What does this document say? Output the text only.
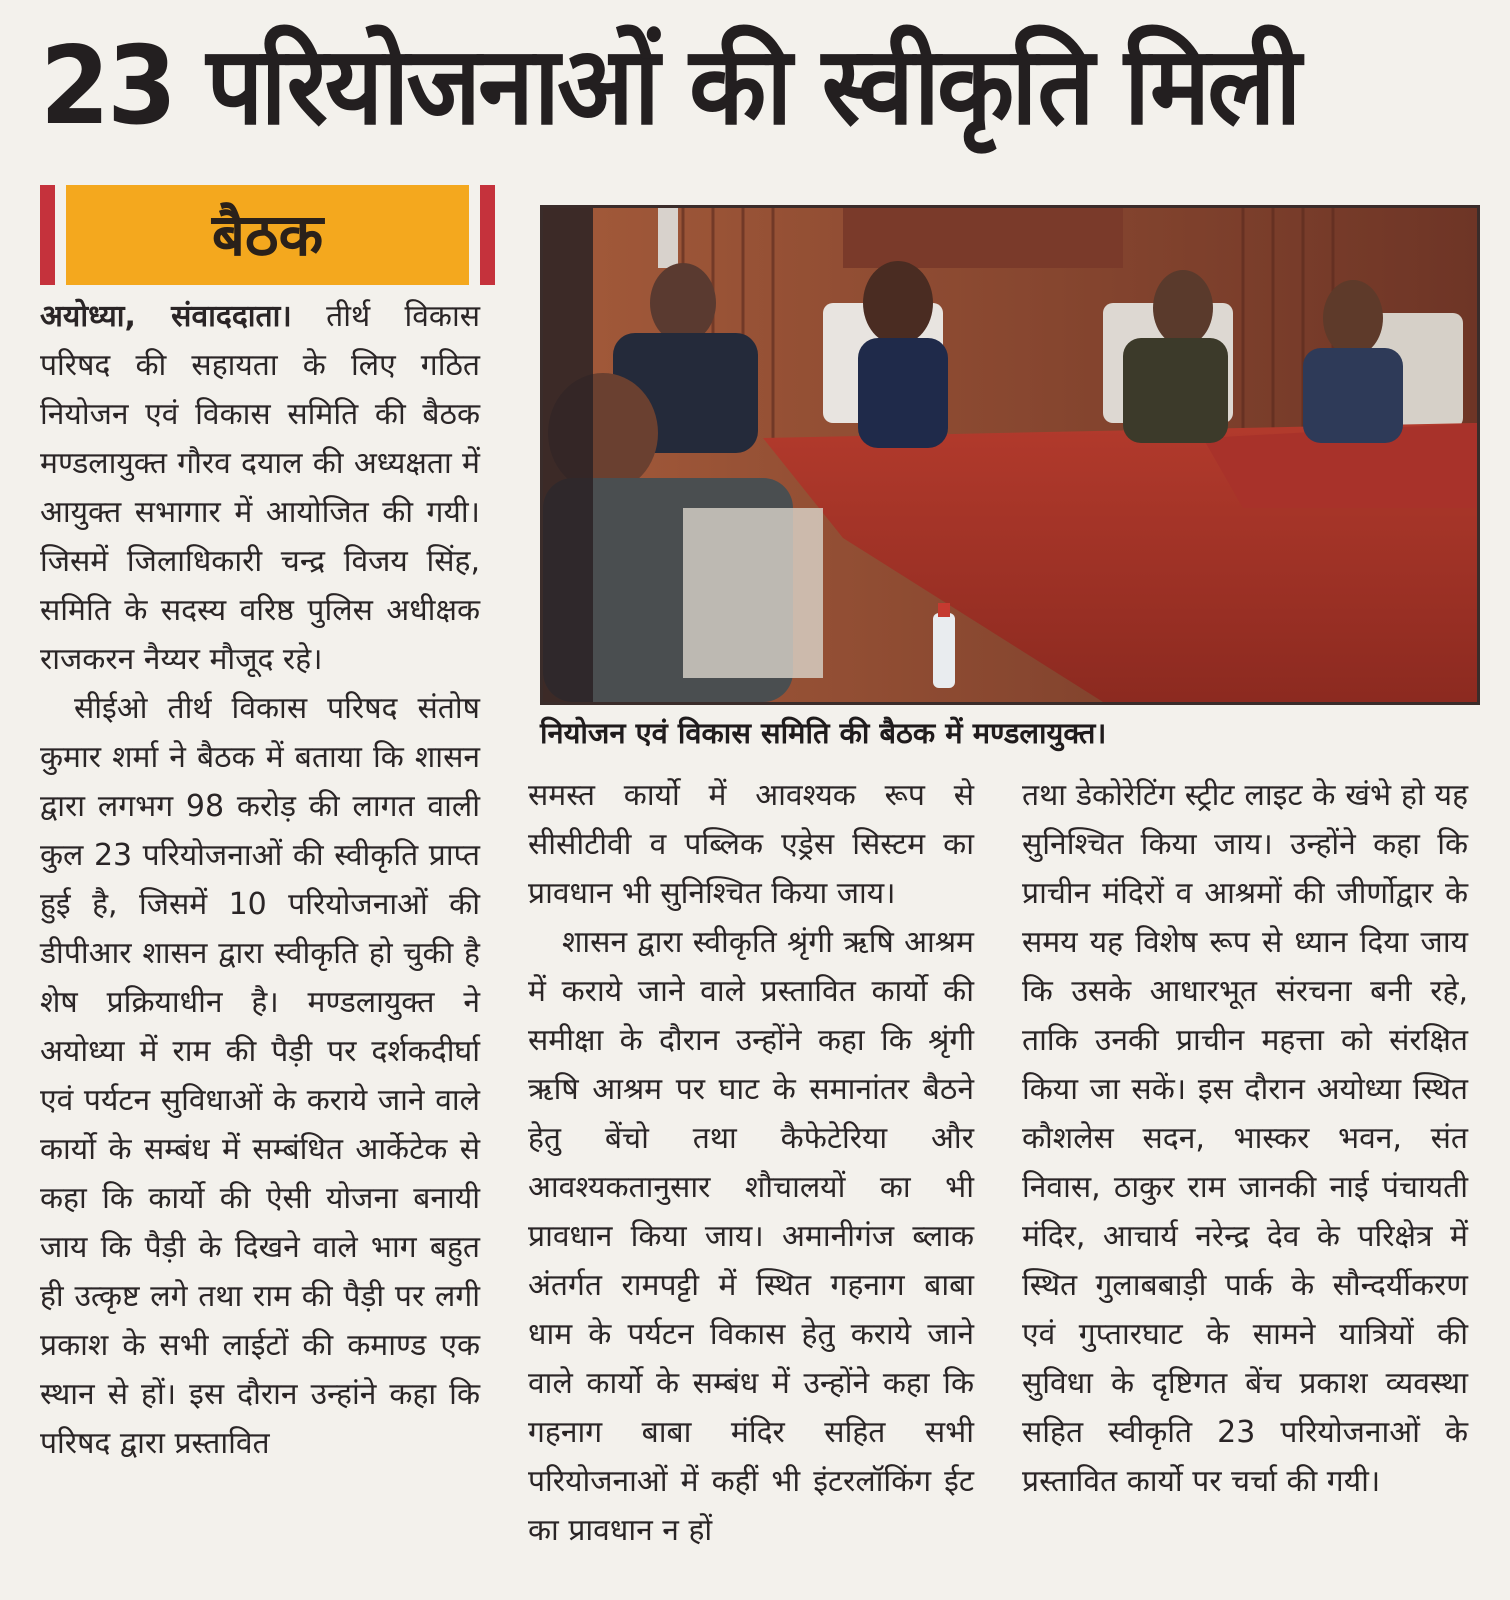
23 परियोजनाओं की स्वीकृति मिली
बैठक

अयोध्या, संवाददाता। तीर्थ विकास परिषद की सहायता के लिए गठित नियोजन एवं विकास समिति की बैठक मण्डलायुक्त गौरव दयाल की अध्यक्षता में आयुक्त सभागार में आयोजित की गयी। जिसमें जिलाधिकारी चन्द्र विजय सिंह, समिति के सदस्य वरिष्ठ पुलिस अधीक्षक राजकरन नैय्यर मौजूद रहे।

सीईओ तीर्थ विकास परिषद संतोष कुमार शर्मा ने बैठक में बताया कि शासन द्वारा लगभग 98 करोड़ की लागत वाली कुल 23 परियोजनाओं की स्वीकृति प्राप्त हुई है, जिसमें 10 परियोजनाओं की डीपीआर शासन द्वारा स्वीकृति हो चुकी है शेष प्रक्रियाधीन है। मण्डलायुक्त ने अयोध्या में राम की पैड़ी पर दर्शकदीर्घा एवं पर्यटन सुविधाओं के कराये जाने वाले कार्यो के सम्बंध में सम्बंधित आर्केटेक से कहा कि कार्यो की ऐसी योजना बनायी जाय कि पैड़ी के दिखने वाले भाग बहुत ही उत्कृष्ट लगे तथा राम की पैड़ी पर लगी प्रकाश के सभी लाईटों की कमाण्ड एक स्थान से हों। इस दौरान उन्हांने कहा कि परिषद द्वारा प्रस्तावित

नियोजन एवं विकास समिति की बैठक में मण्डलायुक्त।

समस्त कार्यो में आवश्यक रूप से सीसीटीवी व पब्लिक एड्रेस सिस्टम का प्रावधान भी सुनिश्चित किया जाय।

शासन द्वारा स्वीकृति श्रृंगी ऋषि आश्रम में कराये जाने वाले प्रस्तावित कार्यो की समीक्षा के दौरान उन्होंने कहा कि श्रृंगी ऋषि आश्रम पर घाट के समानांतर बैठने हेतु बेंचो तथा कैफेटेरिया और आवश्यकतानुसार शौचालयों का भी प्रावधान किया जाय। अमानीगंज ब्लाक अंतर्गत रामपट्टी में स्थित गहनाग बाबा धाम के पर्यटन विकास हेतु कराये जाने वाले कार्यो के सम्बंध में उन्होंने कहा कि गहनाग बाबा मंदिर सहित सभी परियोजनाओं में कहीं भी इंटरलॉकिंग ईट का प्रावधान न हों

तथा डेकोरेटिंग स्ट्रीट लाइट के खंभे हो यह सुनिश्चित किया जाय। उन्होंने कहा कि प्राचीन मंदिरों व आश्रमों की जीर्णोद्वार के समय यह विशेष रूप से ध्यान दिया जाय कि उसके आधारभूत संरचना बनी रहे, ताकि उनकी प्राचीन महत्ता को संरक्षित किया जा सकें। इस दौरान अयोध्या स्थित कौशलेस सदन, भास्कर भवन, संत निवास, ठाकुर राम जानकी नाई पंचायती मंदिर, आचार्य नरेन्द्र देव के परिक्षेत्र में स्थित गुलाबबाड़ी पार्क के सौन्दर्यीकरण एवं गुप्तारघाट के सामने यात्रियों की सुविधा के दृष्टिगत बेंच प्रकाश व्यवस्था सहित स्वीकृति 23 परियोजनाओं के प्रस्तावित कार्यो पर चर्चा की गयी।
